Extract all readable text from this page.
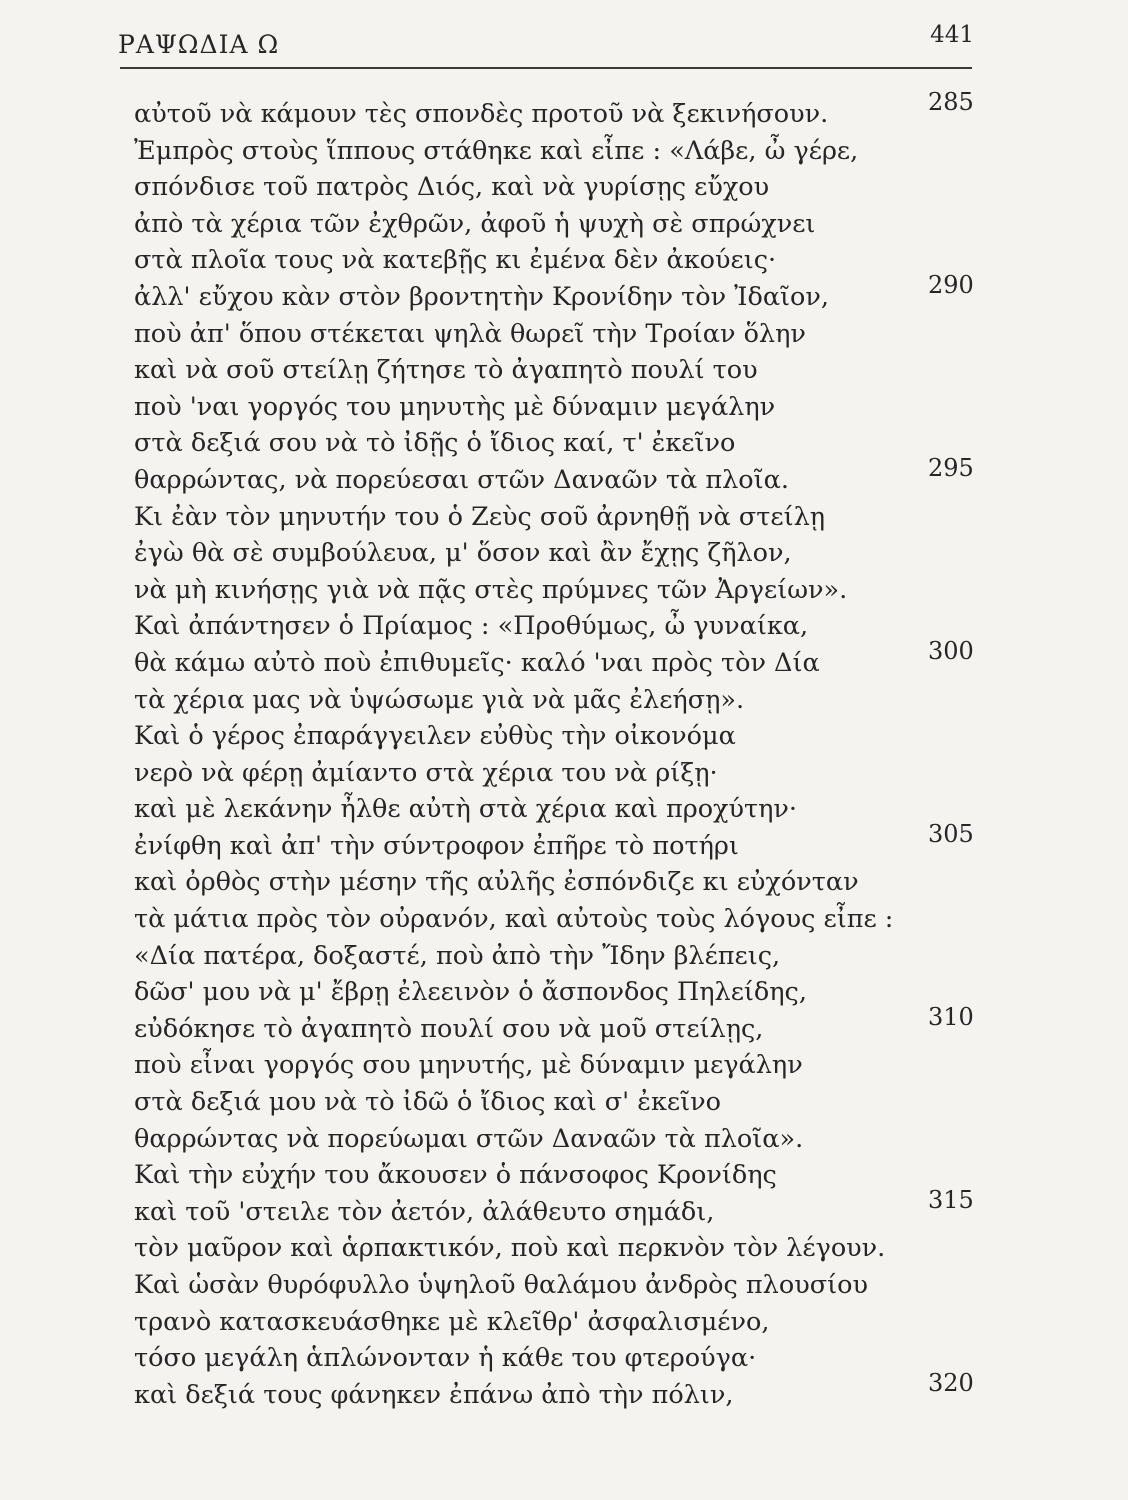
ΡΑΨΩΔΙΑ Ω	441
αὐτοῦ νὰ κάμουν τὲς σπονδὲς προτοῦ νὰ ξεκινήσουν.	285
Ἐμπρὸς στοὺς ἵππους στάθηκε καὶ εἶπε : «Λάβε, ὦ γέρε,
σπόνδισε τοῦ πατρὸς Διός, καὶ νὰ γυρίσῃς εὔχου
ἀπὸ τὰ χέρια τῶν ἐχθρῶν, ἀφοῦ ἡ ψυχὴ σὲ σπρώχνει
στὰ πλοῖα τους νὰ κατεβῇς κι ἐμένα δὲν ἀκούεις·
ἀλλ' εὔχου κὰν στὸν βροντητὴν Κρονίδην τὸν Ἰδαῖον,	290
ποὺ ἀπ' ὅπου στέκεται ψηλὰ θωρεῖ τὴν Τροίαν ὅλην
καὶ νὰ σοῦ στείλῃ ζήτησε τὸ ἀγαπητὸ πουλί του
ποὺ 'ναι γοργός του μηνυτὴς μὲ δύναμιν μεγάλην
στὰ δεξιά σου νὰ τὸ ἰδῇς ὁ ἴδιος καί, τ' ἐκεῖνο
θαρρώντας, νὰ πορεύεσαι στῶν Δαναῶν τὰ πλοῖα.	295
Κι ἐὰν τὸν μηνυτήν του ὁ Ζεὺς σοῦ ἀρνηθῇ νὰ στείλῃ
ἐγὼ θὰ σὲ συμβούλευα, μ' ὅσον καὶ ἂν ἔχῃς ζῆλον,
νὰ μὴ κινήσῃς γιὰ νὰ πᾷς στὲς πρύμνες τῶν Ἀργείων».
Καὶ ἀπάντησεν ὁ Πρίαμος : «Προθύμως, ὦ γυναίκα,
θὰ κάμω αὐτὸ ποὺ ἐπιθυμεῖς· καλό 'ναι πρὸς τὸν Δία	300
τὰ χέρια μας νὰ ὑψώσωμε γιὰ νὰ μᾶς ἐλεήσῃ».
Καὶ ὁ γέρος ἐπαράγγειλεν εὐθὺς τὴν οἰκονόμα
νερὸ νὰ φέρῃ ἀμίαντο στὰ χέρια του νὰ ρίξῃ·
καὶ μὲ λεκάνην ἦλθε αὐτὴ στὰ χέρια καὶ προχύτην·
ἐνίφθη καὶ ἀπ' τὴν σύντροφον ἐπῆρε τὸ ποτήρι	305
καὶ ὀρθὸς στὴν μέσην τῆς αὐλῆς ἐσπόνδιζε κι εὐχόνταν
τὰ μάτια πρὸς τὸν οὐρανόν, καὶ αὐτοὺς τοὺς λόγους εἶπε :
«Δία πατέρα, δοξαστέ, ποὺ ἀπὸ τὴν Ἴδην βλέπεις,
δῶσ' μου νὰ μ' ἔβρῃ ἐλεεινὸν ὁ ἄσπονδος Πηλείδης,
εὐδόκησε τὸ ἀγαπητὸ πουλί σου νὰ μοῦ στείλῃς,	310
ποὺ εἶναι γοργός σου μηνυτής, μὲ δύναμιν μεγάλην
στὰ δεξιά μου νὰ τὸ ἰδῶ ὁ ἴδιος καὶ σ' ἐκεῖνο
θαρρώντας νὰ πορεύωμαι στῶν Δαναῶν τὰ πλοῖα».
Καὶ τὴν εὐχήν του ἄκουσεν ὁ πάνσοφος Κρονίδης
καὶ τοῦ 'στειλε τὸν ἀετόν, ἀλάθευτο σημάδι,	315
τὸν μαῦρον καὶ ἁρπακτικόν, ποὺ καὶ περκνὸν τὸν λέγουν.
Καὶ ὡσὰν θυρόφυλλο ὑψηλοῦ θαλάμου ἀνδρὸς πλουσίου
τρανὸ κατασκευάσθηκε μὲ κλεῖθρ' ἀσφαλισμένο,
τόσο μεγάλη ἁπλώνονταν ἡ κάθε του φτερούγα·
καὶ δεξιά τους φάνηκεν ἐπάνω ἀπὸ τὴν πόλιν,	320
